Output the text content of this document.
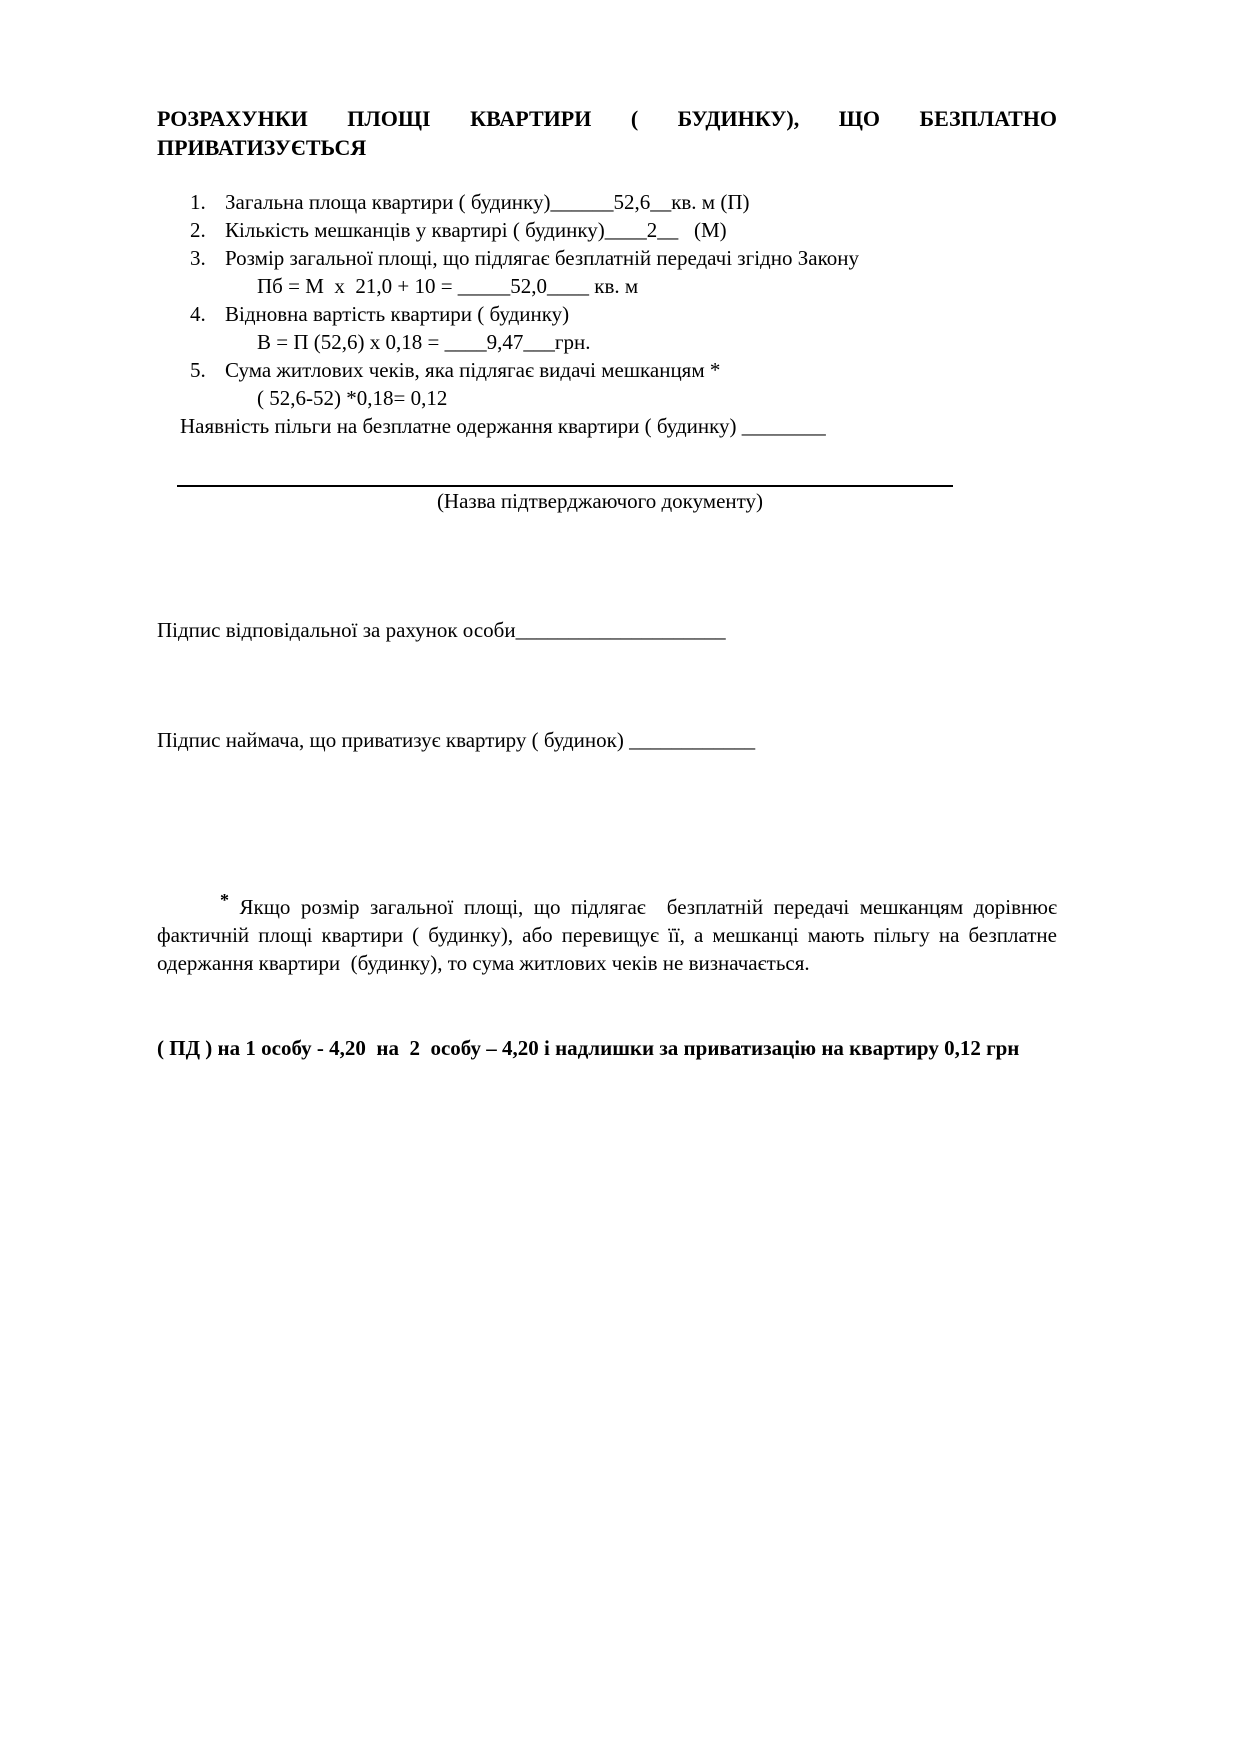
РОЗРАХУНКИ ПЛОЩІ КВАРТИРИ ( БУДИНКУ), ЩО БЕЗПЛАТНО
ПРИВАТИЗУЄТЬСЯ
1. Загальна площа квартири ( будинку)______52,6__кв. м (П)
2. Кількість мешканців у квартирі ( будинку)____2__   (М)
3. Розмір загальної площі, що підлягає безплатній передачі згідно Закону
Пб = М  х  21,0 + 10 = _____52,0____ кв. м
4. Відновна вартість квартири ( будинку)
В = П (52,6) х 0,18 = ____9,47___грн.
5. Сума житлових чеків, яка підлягає видачі мешканцям *
( 52,6-52) *0,18= 0,12
Наявність пільги на безплатне одержання квартири ( будинку) ________
(Назва підтверджаючого документу)
Підпис відповідальної за рахунок особи____________________
Підпис наймача, що приватизує квартиру ( будинок) ____________

* Якщо розмір загальної площі, що підлягає  безплатній передачі мешканцям дорівнює фактичній площі квартири ( будинку), або перевищує її, а мешканці мають пільгу на безплатне одержання квартири  (будинку), то сума житлових чеків не визначається.

( ПД ) на 1 особу - 4,20  на  2  особу – 4,20 і надлишки за приватизацію на квартиру 0,12 грн
